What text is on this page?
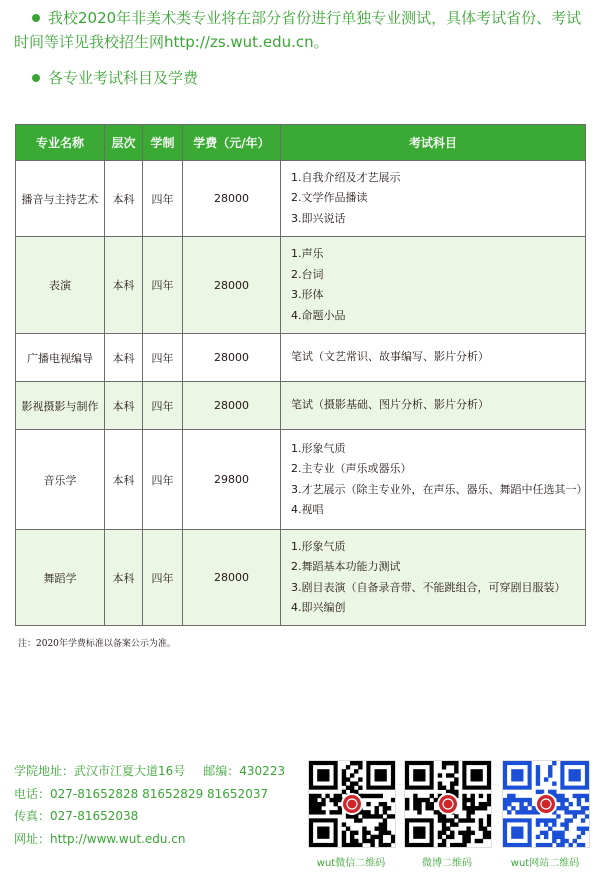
我校2020年非美术类专业将在部分省份进行单独专业测试，具体考试省份、考试时间等详见我校招生网http://zs.wut.edu.cn。

各专业考试科目及学费

专业名称	层次	学制	学费（元/年）	考试科目
播音与主持艺术	本科	四年	28000	1.自我介绍及才艺展示
2.文学作品播读
3.即兴说话

表演	本科	四年	28000	1.声乐
2.台词
3.形体
4.命题小品

广播电视编导	本科	四年	28000	笔试（文艺常识、故事编写、影片分析）

影视摄影与制作	本科	四年	28000	笔试（摄影基础、图片分析、影片分析）

音乐学	本科	四年	29800	1.形象气质
2.主专业（声乐或器乐）
3.才艺展示（除主专业外，在声乐、器乐、舞蹈中任选其一）
4.视唱

舞蹈学	本科	四年	28000	1.形象气质
2.舞蹈基本功能力测试
3.剧目表演（自备录音带、不能跳组合，可穿剧目服装）
4.即兴编创
注：2020年学费标准以备案公示为准。
学院地址：武汉市江夏大道16号 邮编：430223
电话：027-81652828 81652829 81652037
传真：027-81652038
网址：http://www.wut.edu.cn
wut微信二维码	微博二维码	wut网站二维码
